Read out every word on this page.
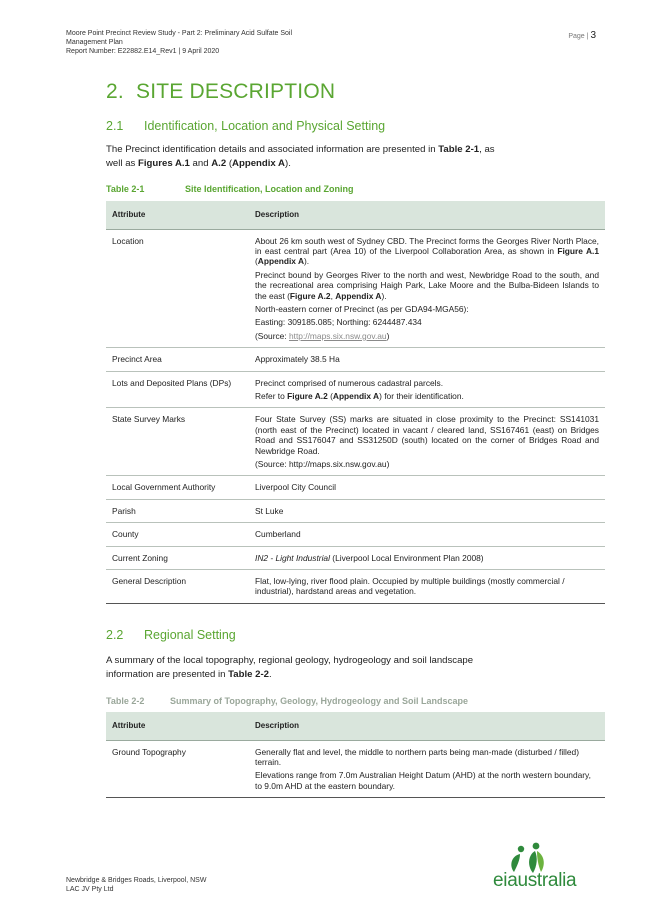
Moore Point Precinct Review Study - Part 2: Preliminary Acid Sulfate Soil
Management Plan
Report Number: E22882.E14_Rev1 | 9 April 2020
Page | 3
2. SITE DESCRIPTION
2.1 Identification, Location and Physical Setting
The Precinct identification details and associated information are presented in Table 2-1, as
well as Figures A.1 and A.2 (Appendix A).
Table 2-1	Site Identification, Location and Zoning
Attribute	Description
Location	About 26 km south west of Sydney CBD. The Precinct forms the Georges River North Place, in east central part (Area 10) of the Liverpool Collaboration Area, as shown in Figure A.1 (Appendix A).

Precinct bound by Georges River to the north and west, Newbridge Road to the south, and the recreational area comprising Haigh Park, Lake Moore and the Bulba-Bideen Islands to the east (Figure A.2, Appendix A).

North-eastern corner of Precinct (as per GDA94-MGA56):

Easting: 309185.085; Northing: 6244487.434

(Source: http://maps.six.nsw.gov.au)

Precinct Area	Approximately 38.5 Ha
Lots and Deposited Plans (DPs)	Precinct comprised of numerous cadastral parcels.

Refer to Figure A.2 (Appendix A) for their identification.

State Survey Marks	Four State Survey (SS) marks are situated in close proximity to the Precinct: SS141031 (north east of the Precinct) located in vacant / cleared land, SS167461 (east) on Bridges Road and SS176047 and SS31250D (south) located on the corner of Bridges Road and Newbridge Road.

(Source: http://maps.six.nsw.gov.au)

Local Government Authority	Liverpool City Council
Parish	St Luke
County	Cumberland
Current Zoning	IN2 - Light Industrial (Liverpool Local Environment Plan 2008)
General Description	Flat, low-lying, river flood plain. Occupied by multiple buildings (mostly commercial / industrial), hardstand areas and vegetation.
2.2 Regional Setting
A summary of the local topography, regional geology, hydrogeology and soil landscape
information are presented in Table 2-2.
Table 2-2	Summary of Topography, Geology, Hydrogeology and Soil Landscape
Attribute	Description
Ground Topography	Generally flat and level, the middle to northern parts being man-made (disturbed / filled) terrain.

Elevations range from 7.0m Australian Height Datum (AHD) at the north western boundary, to 9.0m AHD at the eastern boundary.

Newbridge & Bridges Roads, Liverpool, NSW
LAC JV Pty Ltd	eiaustralia
